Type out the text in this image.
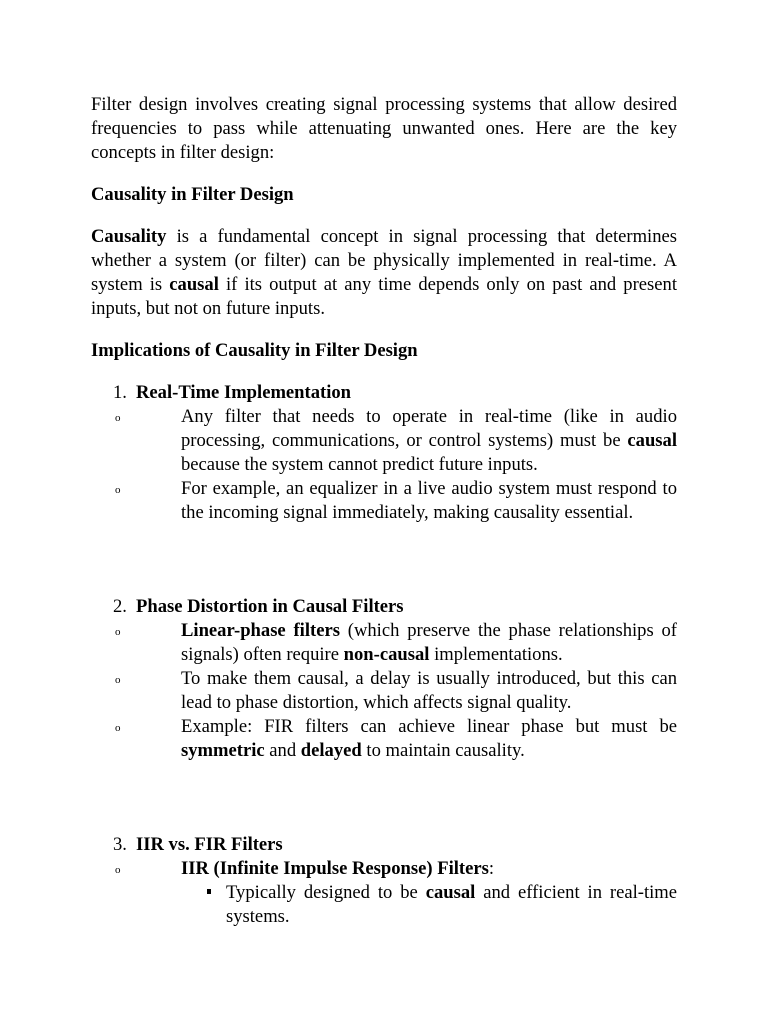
Filter design involves creating signal processing systems that allow desired frequencies to pass while attenuating unwanted ones. Here are the key concepts in filter design:

Causality in Filter Design

Causality is a fundamental concept in signal processing that determines whether a system (or filter) can be physically implemented in real-time. A system is causal if its output at any time depends only on past and present inputs, but not on future inputs.

Implications of Causality in Filter Design

1. Real-Time Implementation
o	Any filter that needs to operate in real-time (like in audio processing, communications, or control systems) must be causal because the system cannot predict future inputs.

o	For example, an equalizer in a live audio system must respond to the incoming signal immediately, making causality essential.

2. Phase Distortion in Causal Filters
o	Linear-phase filters (which preserve the phase relationships of signals) often require non-causal implementations.

o	To make them causal, a delay is usually introduced, but this can lead to phase distortion, which affects signal quality.

o	Example: FIR filters can achieve linear phase but must be symmetric and delayed to maintain causality.

3. IIR vs. FIR Filters
o	IIR (Infinite Impulse Response) Filters:

Typically designed to be causal and efficient in real-time systems.
